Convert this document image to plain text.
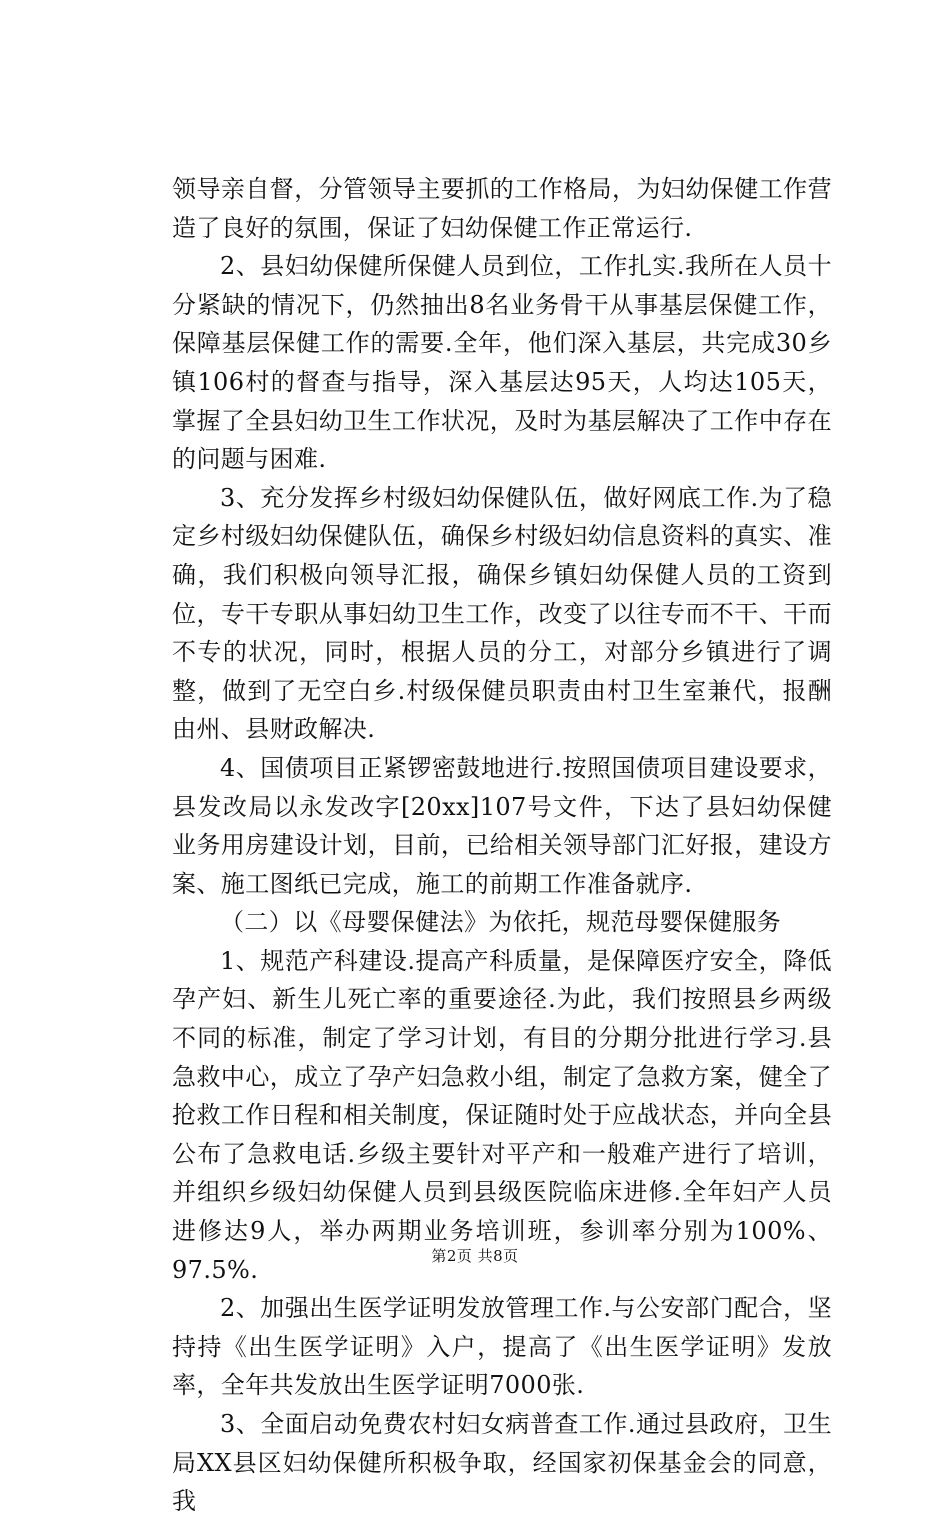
领导亲自督，分管领导主要抓的工作格局，为妇幼保健工作营造了良好的氛围，保证了妇幼保健工作正常运行.

2、县妇幼保健所保健人员到位，工作扎实.我所在人员十分紧缺的情况下，仍然抽出8名业务骨干从事基层保健工作，保障基层保健工作的需要.全年，他们深入基层，共完成30乡镇106村的督查与指导，深入基层达95天，人均达105天，掌握了全县妇幼卫生工作状况，及时为基层解决了工作中存在的问题与困难.

3、充分发挥乡村级妇幼保健队伍，做好网底工作.为了稳定乡村级妇幼保健队伍，确保乡村级妇幼信息资料的真实、准确，我们积极向领导汇报，确保乡镇妇幼保健人员的工资到位，专干专职从事妇幼卫生工作，改变了以往专而不干、干而不专的状况，同时，根据人员的分工，对部分乡镇进行了调整，做到了无空白乡.村级保健员职责由村卫生室兼代，报酬由州、县财政解决.

4、国债项目正紧锣密鼓地进行.按照国债项目建设要求，县发改局以永发改字[20xx]107号文件，下达了县妇幼保健业务用房建设计划，目前，已给相关领导部门汇好报，建设方案、施工图纸已完成，施工的前期工作准备就序.

（二）以《母婴保健法》为依托，规范母婴保健服务

1、规范产科建设.提高产科质量，是保障医疗安全，降低孕产妇、新生儿死亡率的重要途径.为此，我们按照县乡两级不同的标准，制定了学习计划，有目的分期分批进行学习.县急救中心，成立了孕产妇急救小组，制定了急救方案，健全了抢救工作日程和相关制度，保证随时处于应战状态，并向全县公布了急救电话.乡级主要针对平产和一般难产进行了培训，并组织乡级妇幼保健人员到县级医院临床进修.全年妇产人员进修达9人，举办两期业务培训班，参训率分别为100%、97.5%.

2、加强出生医学证明发放管理工作.与公安部门配合，坚持持《出生医学证明》入户，提高了《出生医学证明》发放率，全年共发放出生医学证明7000张.

3、全面启动免费农村妇女病普查工作.通过县政府，卫生局XX县区妇幼保健所积极争取，经国家初保基金会的同意，我

第2页 共8页
